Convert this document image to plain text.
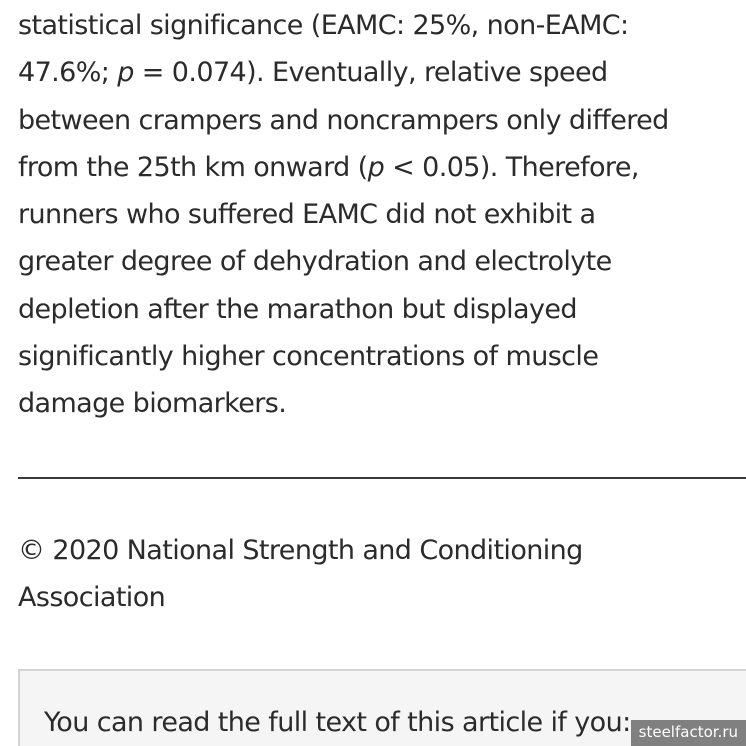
statistical significance (EAMC: 25%, non-EAMC:
47.6%; p = 0.074). Eventually, relative speed
between crampers and noncrampers only differed
from the 25th km onward (p < 0.05). Therefore,
runners who suffered EAMC did not exhibit a
greater degree of dehydration and electrolyte
depletion after the marathon but displayed
significantly higher concentrations of muscle
damage biomarkers.

© 2020 National Strength and Conditioning
Association

You can read the full text of this article if you: steelfactor.ru
